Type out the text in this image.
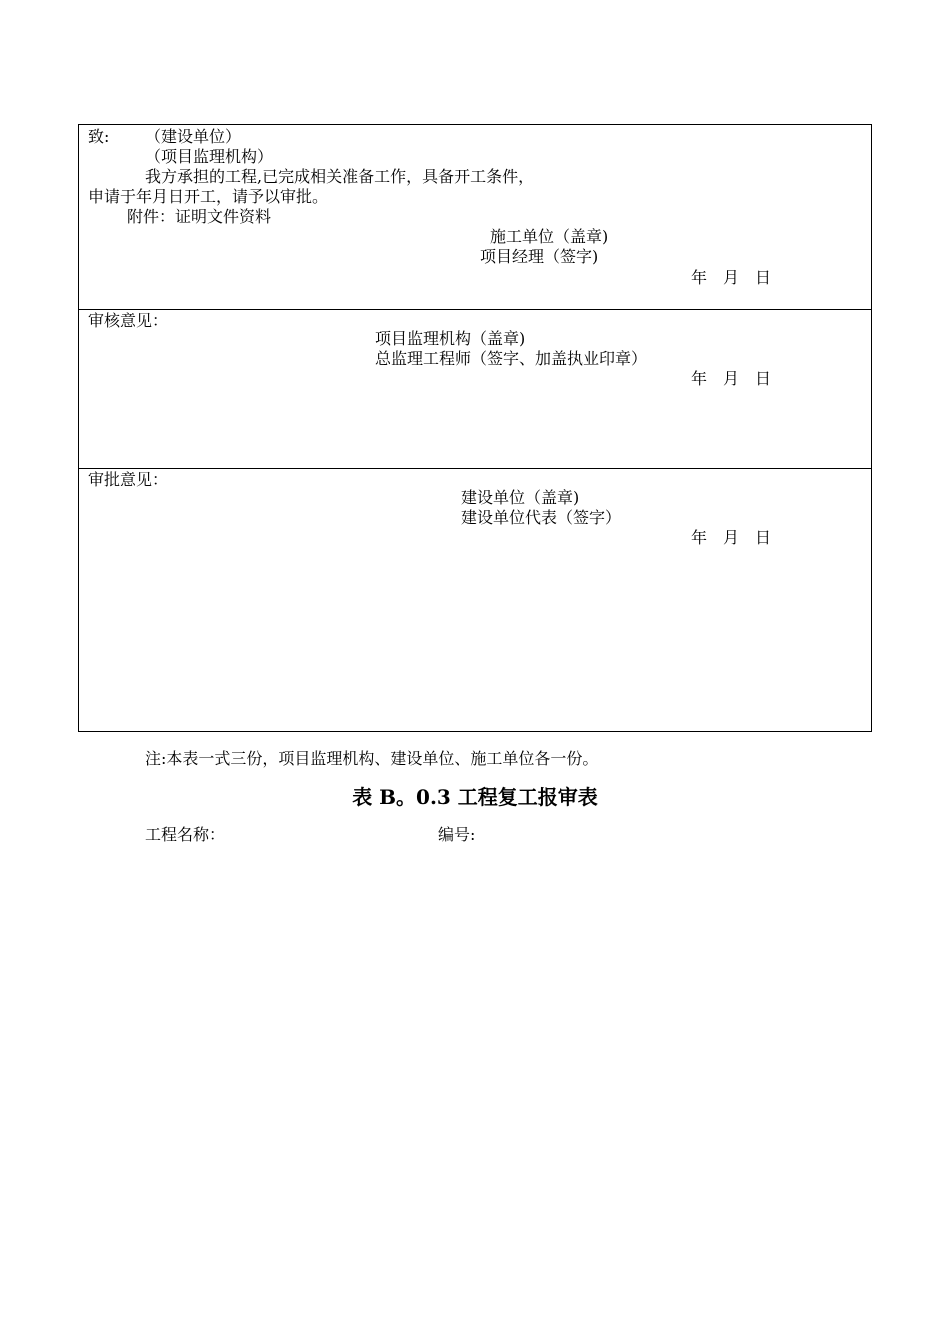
致: （建设单位）
（项目监理机构）
我方承担的工程,已完成相关准备工作，具备开工条件，
申请于年月日开工，请予以审批。
附件：证明文件资料
施工单位（盖章)
项目经理（签字)
年　月　日
审核意见：
项目监理机构（盖章)
总监理工程师（签字、加盖执业印章）
年　月　日
审批意见：
建设单位（盖章)
建设单位代表（签字）
年　月　日
注:本表一式三份，项目监理机构、建设单位、施工单位各一份。
表 B。0.3 工程复工报审表
工程名称：	编号:
